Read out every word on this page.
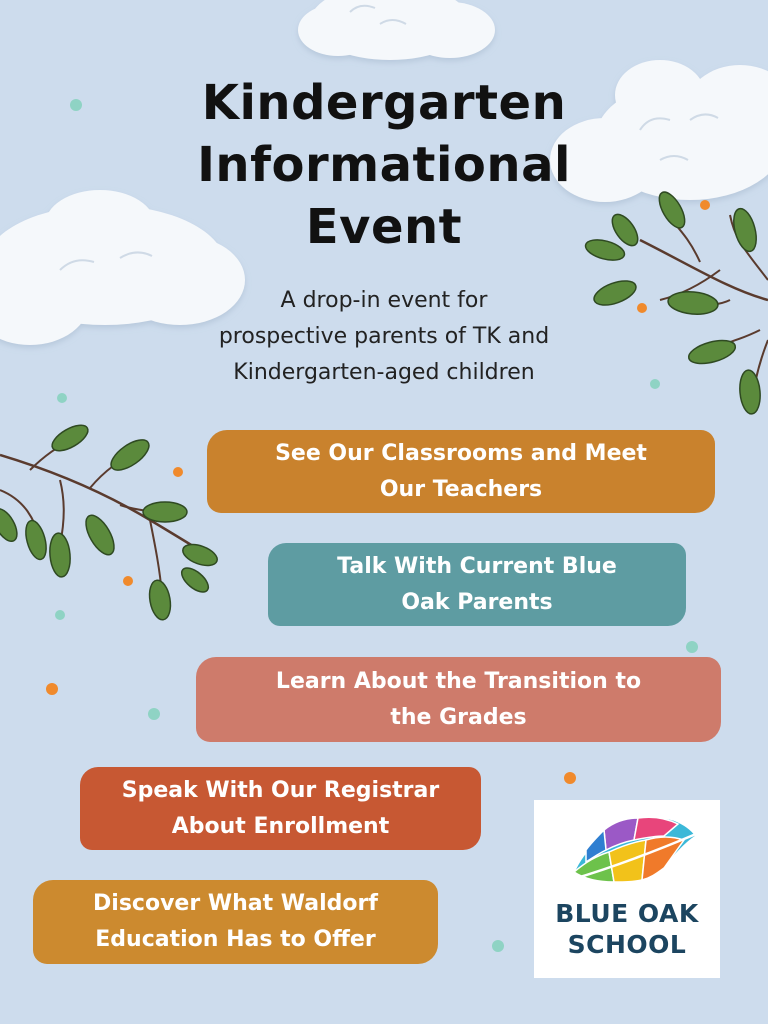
Kindergarten
Informational
Event
A drop-in event for
prospective parents of TK and
Kindergarten-aged children
See Our Classrooms and Meet
Our Teachers
Talk With Current Blue
Oak Parents
Learn About the Transition to
the Grades
Speak With Our Registrar
About Enrollment
Discover What Waldorf
Education Has to Offer
BLUE OAK
SCHOOL
